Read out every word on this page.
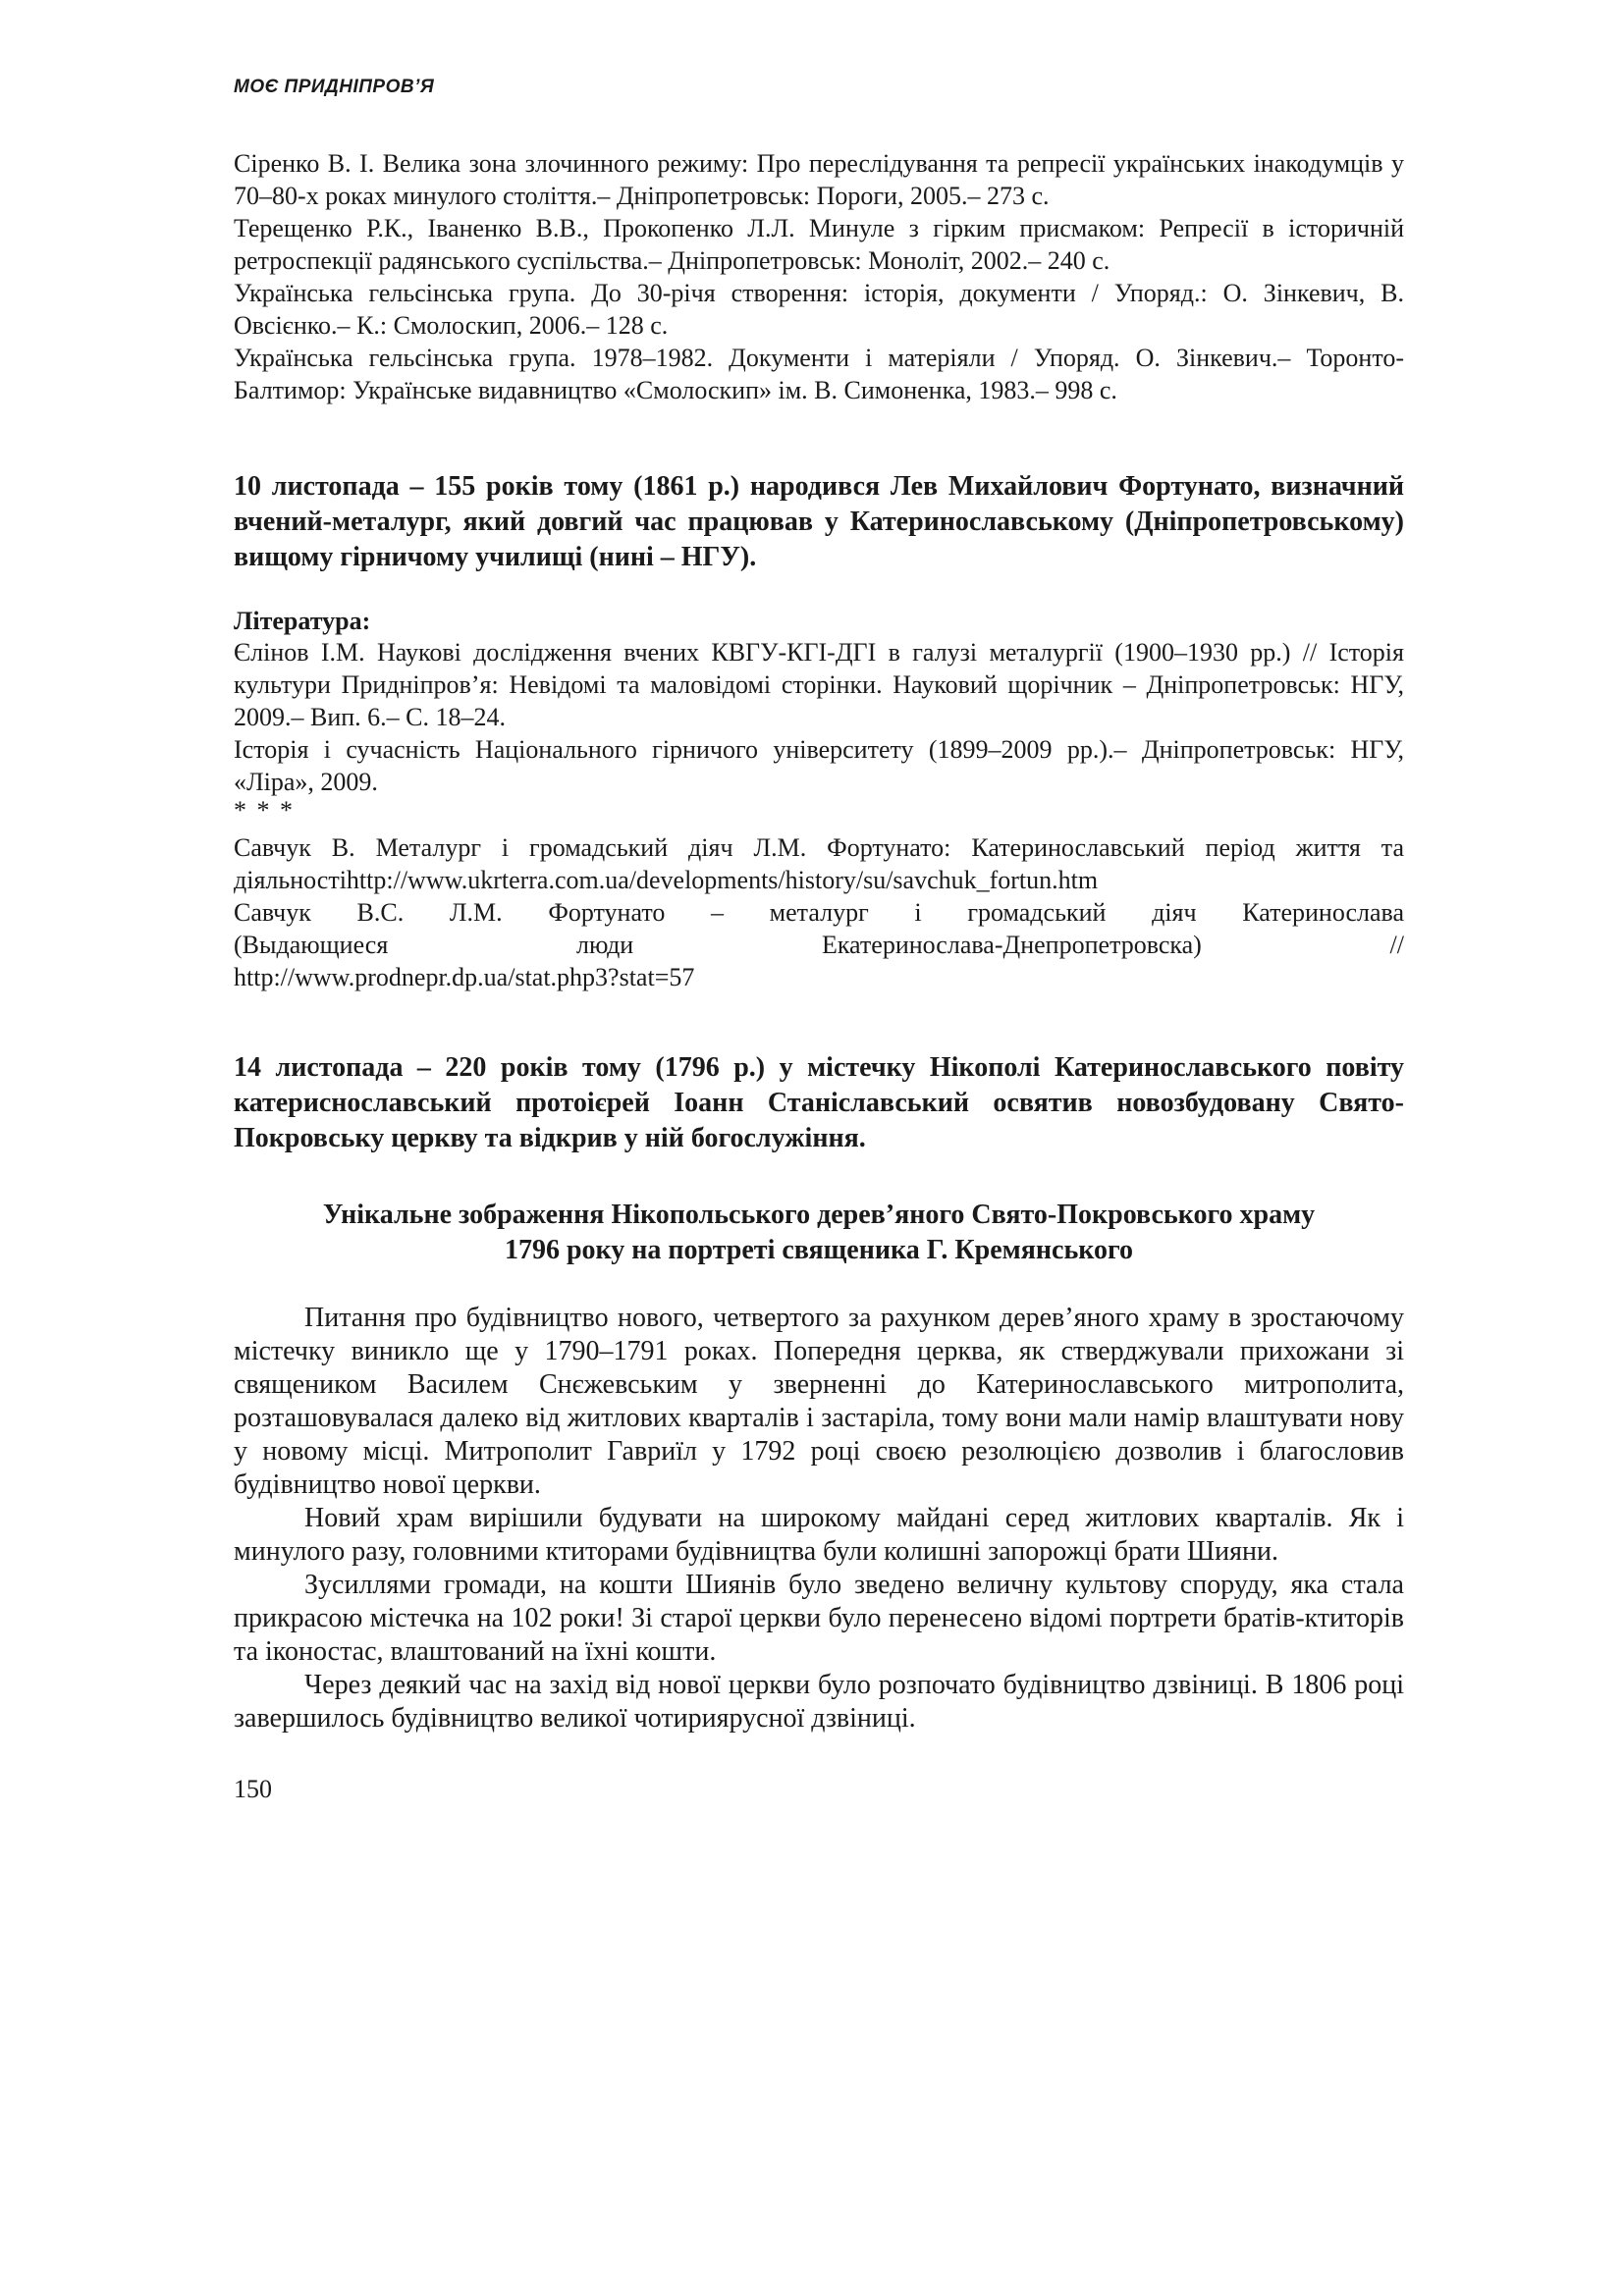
МОЄ ПРИДНІПРОВ’Я

Сіренко В. І. Велика зона злочинного режиму: Про переслідування та репресії українських інакодумців у 70–80-х роках минулого століття.– Дніпропетровськ: Пороги, 2005.– 273 с.

Терещенко Р.К., Іваненко В.В., Прокопенко Л.Л. Минуле з гірким присмаком: Репресії в історичній ретроспекції радянського суспільства.– Дніпропетровськ: Моноліт, 2002.– 240 с.

Українська гельсінська група. До 30-річя створення: історія, документи / Упоряд.: О. Зінкевич, В. Овсієнко.– К.: Смолоскип, 2006.– 128 с.

Українська гельсінська група. 1978–1982. Документи і матеріяли / Упоряд. О. Зінкевич.– Торонто-Балтимор: Українське видавництво «Смолоскип» ім. В. Симоненка, 1983.– 998 с.

10 листопада – 155 років тому (1861 р.) народився Лев Михайлович Фортунато, визначний вчений-металург, який довгий час працював у Катеринославському (Дніпропетровському) вищому гірничому училищі (нині – НГУ).

Література:

Єлінов І.М. Наукові дослідження вчених КВГУ-КГІ-ДГІ в галузі металургії (1900–1930 рр.) // Історія культури Придніпров’я: Невідомі та маловідомі сторінки. Науковий щорічник – Дніпропетровськ: НГУ, 2009.– Вип. 6.– С. 18–24.

Історія і сучасність Національного гірничого університету (1899–2009 рр.).– Дніпропетровськ: НГУ, «Ліра», 2009.

* * *

Савчук В. Металург і громадський діяч Л.М. Фортунато: Катеринославський період життя та діяльностіhttp://www.ukrterra.com.ua/developments/history/su/savchuk_fortun.htm

Савчук В.С. Л.М. Фортунато – металург і громадський діяч Катеринослава

(Выдающиеся люди Екатеринослава-Днепропетровска) //

http://www.prodnepr.dp.ua/stat.php3?stat=57

14 листопада – 220 років тому (1796 р.) у містечку Нікополі Катеринославського повіту катериснославський протоієрей Іоанн Станіславський освятив новозбудовану Свято-Покровську церкву та відкрив у ній богослужіння.

Унікальне зображення Нікопольського дерев’яного Свято-Покровського храму

1796 року на портреті священика Г. Кремянського

Питання про будівництво нового, четвертого за рахунком дерев’яного храму в зростаючому містечку виникло ще у 1790–1791 роках. Попередня церква, як стверджували прихожани зі священиком Василем Снєжевським у зверненні до Катеринославського митрополита, розташовувалася далеко від житлових кварталів і застаріла, тому вони мали намір влаштувати нову у новому місці. Митрополит Гавриїл у 1792 році своєю резолюцією дозволив і благословив будівництво нової церкви.

Новий храм вирішили будувати на широкому майдані серед житлових кварталів. Як і минулого разу, головними ктиторами будівництва були колишні запорожці брати Шияни.

Зусиллями громади, на кошти Шиянів було зведено величну культову споруду, яка стала прикрасою містечка на 102 роки! Зі старої церкви було перенесено відомі портрети братів-ктиторів та іконостас, влаштований на їхні кошти.

Через деякий час на захід від нової церкви було розпочато будівництво дзвіниці. В 1806 році завершилось будівництво великої чотириярусної дзвіниці.

150
